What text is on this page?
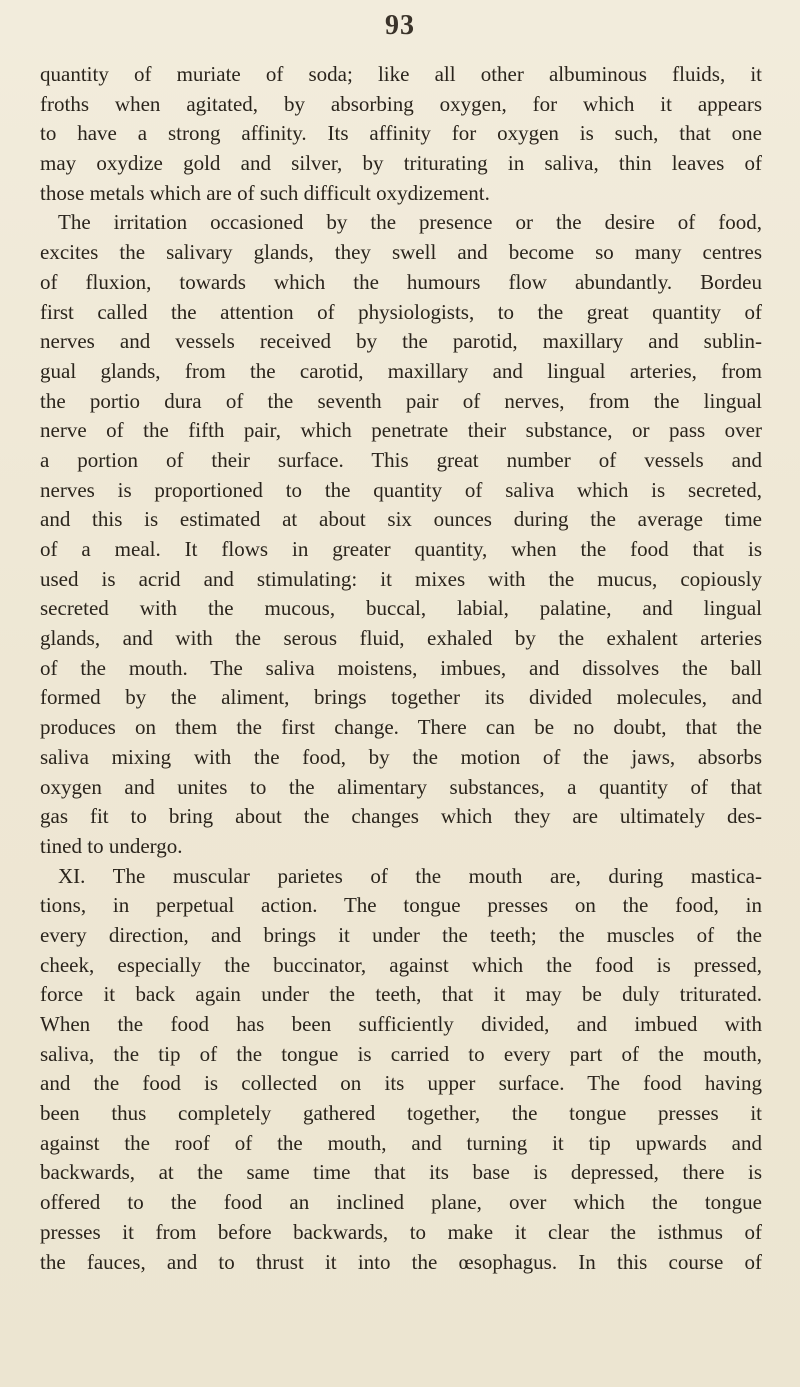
93
quantity of muriate of soda; like all other albuminous fluids, it
froths when agitated, by absorbing oxygen, for which it appears
to have a strong affinity. Its affinity for oxygen is such, that one
may oxydize gold and silver, by triturating in saliva, thin leaves of
those metals which are of such difficult oxydizement.
The irritation occasioned by the presence or the desire of food,
excites the salivary glands, they swell and become so many centres
of fluxion, towards which the humours flow abundantly. Bordeu
first called the attention of physiologists, to the great quantity of
nerves and vessels received by the parotid, maxillary and sublin-
gual glands, from the carotid, maxillary and lingual arteries, from
the portio dura of the seventh pair of nerves, from the lingual
nerve of the fifth pair, which penetrate their substance, or pass over
a portion of their surface. This great number of vessels and
nerves is proportioned to the quantity of saliva which is secreted,
and this is estimated at about six ounces during the average time
of a meal. It flows in greater quantity, when the food that is
used is acrid and stimulating: it mixes with the mucus, copiously
secreted with the mucous, buccal, labial, palatine, and lingual
glands, and with the serous fluid, exhaled by the exhalent arteries
of the mouth. The saliva moistens, imbues, and dissolves the ball
formed by the aliment, brings together its divided molecules, and
produces on them the first change. There can be no doubt, that the
saliva mixing with the food, by the motion of the jaws, absorbs
oxygen and unites to the alimentary substances, a quantity of that
gas fit to bring about the changes which they are ultimately des-
tined to undergo.
XI. The muscular parietes of the mouth are, during mastica-
tions, in perpetual action. The tongue presses on the food, in
every direction, and brings it under the teeth; the muscles of the
cheek, especially the buccinator, against which the food is pressed,
force it back again under the teeth, that it may be duly triturated.
When the food has been sufficiently divided, and imbued with
saliva, the tip of the tongue is carried to every part of the mouth,
and the food is collected on its upper surface. The food having
been thus completely gathered together, the tongue presses it
against the roof of the mouth, and turning it tip upwards and
backwards, at the same time that its base is depressed, there is
offered to the food an inclined plane, over which the tongue
presses it from before backwards, to make it clear the isthmus of
the fauces, and to thrust it into the œsophagus. In this course of
